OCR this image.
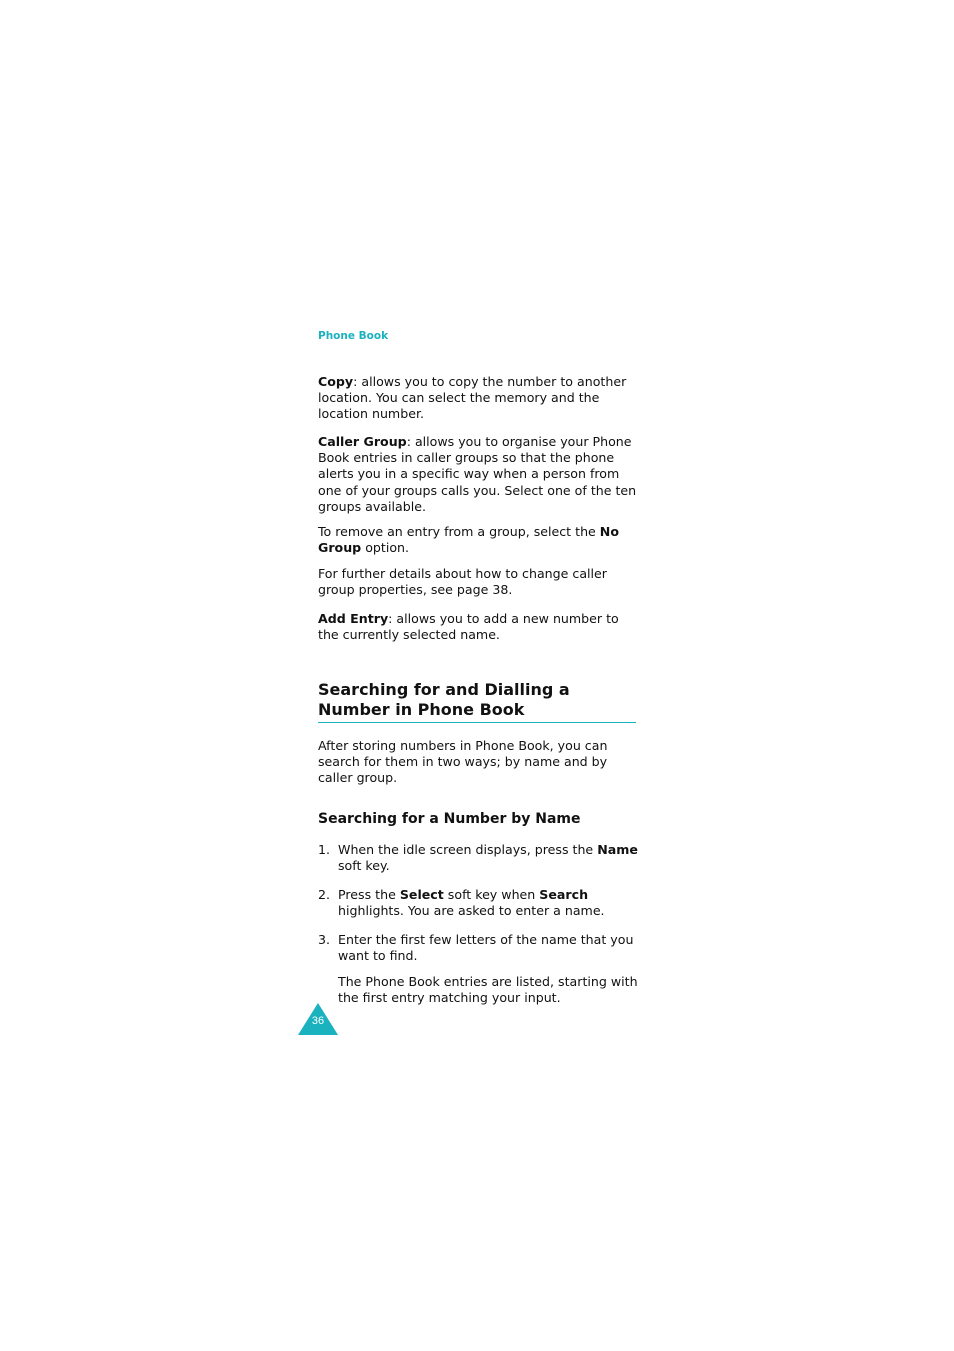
Phone Book

Copy: allows you to copy the number to another location. You can select the memory and the location number.

Caller Group: allows you to organise your Phone Book entries in caller groups so that the phone alerts you in a specific way when a person from one of your groups calls you. Select one of the ten groups available.

To remove an entry from a group, select the No Group option.

For further details about how to change caller group properties, see page 38.

Add Entry: allows you to add a new number to the currently selected name.

Searching for and Dialling a Number in Phone Book

After storing numbers in Phone Book, you can search for them in two ways; by name and by caller group.

Searching for a Number by Name
1. When the idle screen displays, press the Name soft key.
2. Press the Select soft key when Search highlights. You are asked to enter a name.
3. Enter the first few letters of the name that you want to find.
The Phone Book entries are listed, starting with the first entry matching your input.
36
